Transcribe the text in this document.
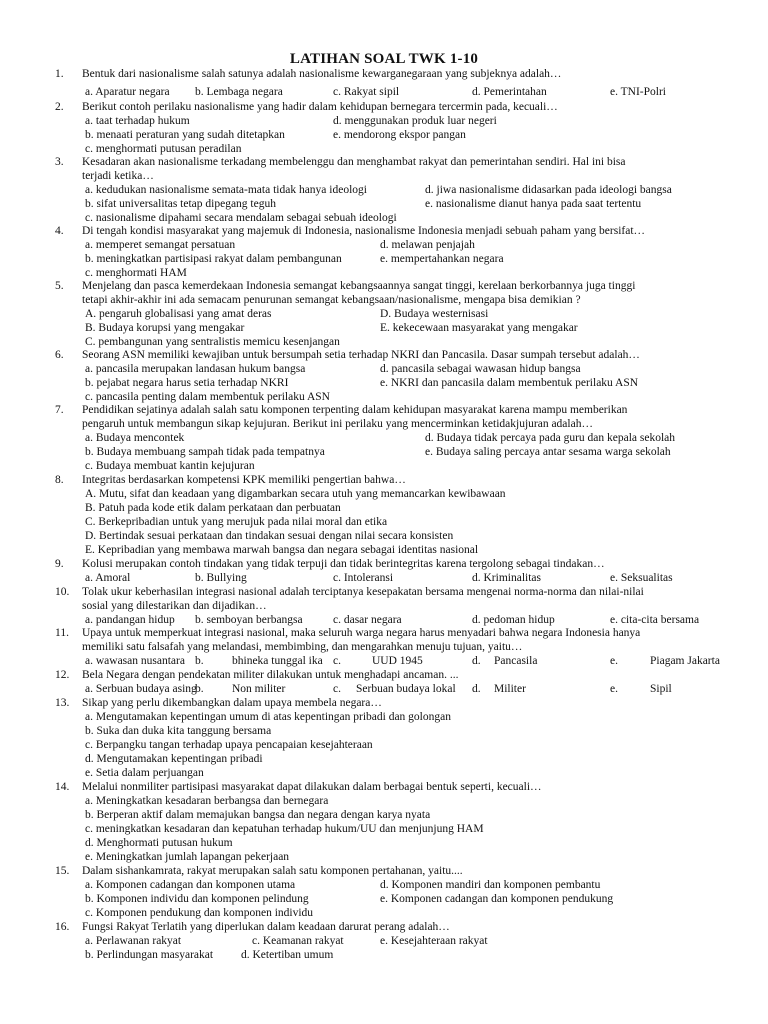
LATIHAN SOAL TWK 1-10
1. Bentuk dari nasionalisme salah satunya adalah nasionalisme kewarganegaraan yang subjeknya adalah…
a. Aparatur negara b. Lembaga negara	c. Rakyat sipil	d. Pemerintahan	e. TNI-Polri
2. Berikut contoh perilaku nasionalisme yang hadir dalam kehidupan bernegara tercermin pada, kecuali…
a. taat terhadap hukum	d. menggunakan produk luar negeri
b. menaati peraturan yang sudah ditetapkan	e. mendorong ekspor pangan
c. menghormati putusan peradilan
3. Kesadaran akan nasionalisme terkadang membelenggu dan menghambat rakyat dan pemerintahan sendiri. Hal ini bisa
terjadi ketika…
a. kedudukan nasionalisme semata-mata tidak hanya ideologi	d. jiwa nasionalisme didasarkan pada ideologi bangsa
b. sifat universalitas tetap dipegang teguh	e. nasionalisme dianut hanya pada saat tertentu
c. nasionalisme dipahami secara mendalam sebagai sebuah ideologi
4. Di tengah kondisi masyarakat yang majemuk di Indonesia, nasionalisme Indonesia menjadi sebuah paham yang bersifat…
a. memperet semangat persatuan	d. melawan penjajah
b. meningkatkan partisipasi rakyat dalam pembangunan	e. mempertahankan negara
c. menghormati HAM
5. Menjelang dan pasca kemerdekaan Indonesia semangat kebangsaannya sangat tinggi, kerelaan berkorbannya juga tinggi
tetapi akhir-akhir ini ada semacam penurunan semangat kebangsaan/nasionalisme, mengapa bisa demikian ?
A. pengaruh globalisasi yang amat deras	D. Budaya westernisasi
B. Budaya korupsi yang mengakar	E. kekecewaan masyarakat yang mengakar
C. pembangunan yang sentralistis memicu kesenjangan
6. Seorang ASN memiliki kewajiban untuk bersumpah setia terhadap NKRI dan Pancasila. Dasar sumpah tersebut adalah…
a. pancasila merupakan landasan hukum bangsa	d. pancasila sebagai wawasan hidup bangsa
b. pejabat negara harus setia terhadap NKRI	e. NKRI dan pancasila dalam membentuk perilaku ASN
c. pancasila penting dalam membentuk perilaku ASN
7. Pendidikan sejatinya adalah salah satu komponen terpenting dalam kehidupan masyarakat karena mampu memberikan
pengaruh untuk membangun sikap kejujuran. Berikut ini perilaku yang mencerminkan ketidakjujuran adalah…
a. Budaya mencontek	d. Budaya tidak percaya pada guru dan kepala sekolah
b. Budaya membuang sampah tidak pada tempatnya	e. Budaya saling percaya antar sesama warga sekolah
c. Budaya membuat kantin kejujuran
8. Integritas berdasarkan kompetensi KPK memiliki pengertian bahwa…
A. Mutu, sifat dan keadaan yang digambarkan secara utuh yang memancarkan kewibawaan
B. Patuh pada kode etik dalam perkataan dan perbuatan
C. Berkepribadian untuk yang merujuk pada nilai moral dan etika
D. Bertindak sesuai perkataan dan tindakan sesuai dengan nilai secara konsisten
E. Kepribadian yang membawa marwah bangsa dan negara sebagai identitas nasional
9. Kolusi merupakan contoh tindakan yang tidak terpuji dan tidak berintegritas karena tergolong sebagai tindakan…
a. Amoral	b. Bullying	c. Intoleransi	d. Kriminalitas	e. Seksualitas
10. Tolak ukur keberhasilan integrasi nasional adalah terciptanya kesepakatan bersama mengenai norma-norma dan nilai-nilai
sosial yang dilestarikan dan dijadikan…
a. pandangan hidup b. semboyan berbangsa	c. dasar negara	d. pedoman hidup	e. cita-cita bersama
11. Upaya untuk memperkuat integrasi nasional, maka seluruh warga negara harus menyadari bahwa negara Indonesia hanya
memiliki satu falsafah yang melandasi, membimbing, dan mengarahkan menuju tujuan, yaitu…
a. wawasan nusantara b. bhineka tunggal ika c.	UUD 1945	d. Pancasila	e.	Piagam Jakarta
12. Bela Negara dengan pendekatan militer dilakukan untuk menghadapi ancaman. ...
a. Serbuan budaya asing
b. Non militer	c. Serbuan budaya lokal d. Militer	e.	Sipil
13. Sikap yang perlu dikembangkan dalam upaya membela negara…
a. Mengutamakan kepentingan umum di atas kepentingan pribadi dan golongan
b. Suka dan duka kita tanggung bersama
c. Berpangku tangan terhadap upaya pencapaian kesejahteraan
d. Mengutamakan kepentingan pribadi
e. Setia dalam perjuangan
14. Melalui nonmiliter partisipasi masyarakat dapat dilakukan dalam berbagai bentuk seperti, kecuali…
a. Meningkatkan kesadaran berbangsa dan bernegara
b. Berperan aktif dalam memajukan bangsa dan negara dengan karya nyata
c. meningkatkan kesadaran dan kepatuhan terhadap hukum/UU dan menjunjung HAM
d. Menghormati putusan hukum
e. Meningkatkan jumlah lapangan pekerjaan
15. Dalam sishankamrata, rakyat merupakan salah satu komponen pertahanan, yaitu....
a. Komponen cadangan dan komponen utama	d. Komponen mandiri dan komponen pembantu
b. Komponen individu dan komponen pelindung	e. Komponen cadangan dan komponen pendukung
c. Komponen pendukung dan komponen individu
16. Fungsi Rakyat Terlatih yang diperlukan dalam keadaan darurat perang adalah…
a. Perlawanan rakyat	c. Keamanan rakyat	e. Kesejahteraan rakyat
b. Perlindungan masyarakat d. Ketertiban umum
